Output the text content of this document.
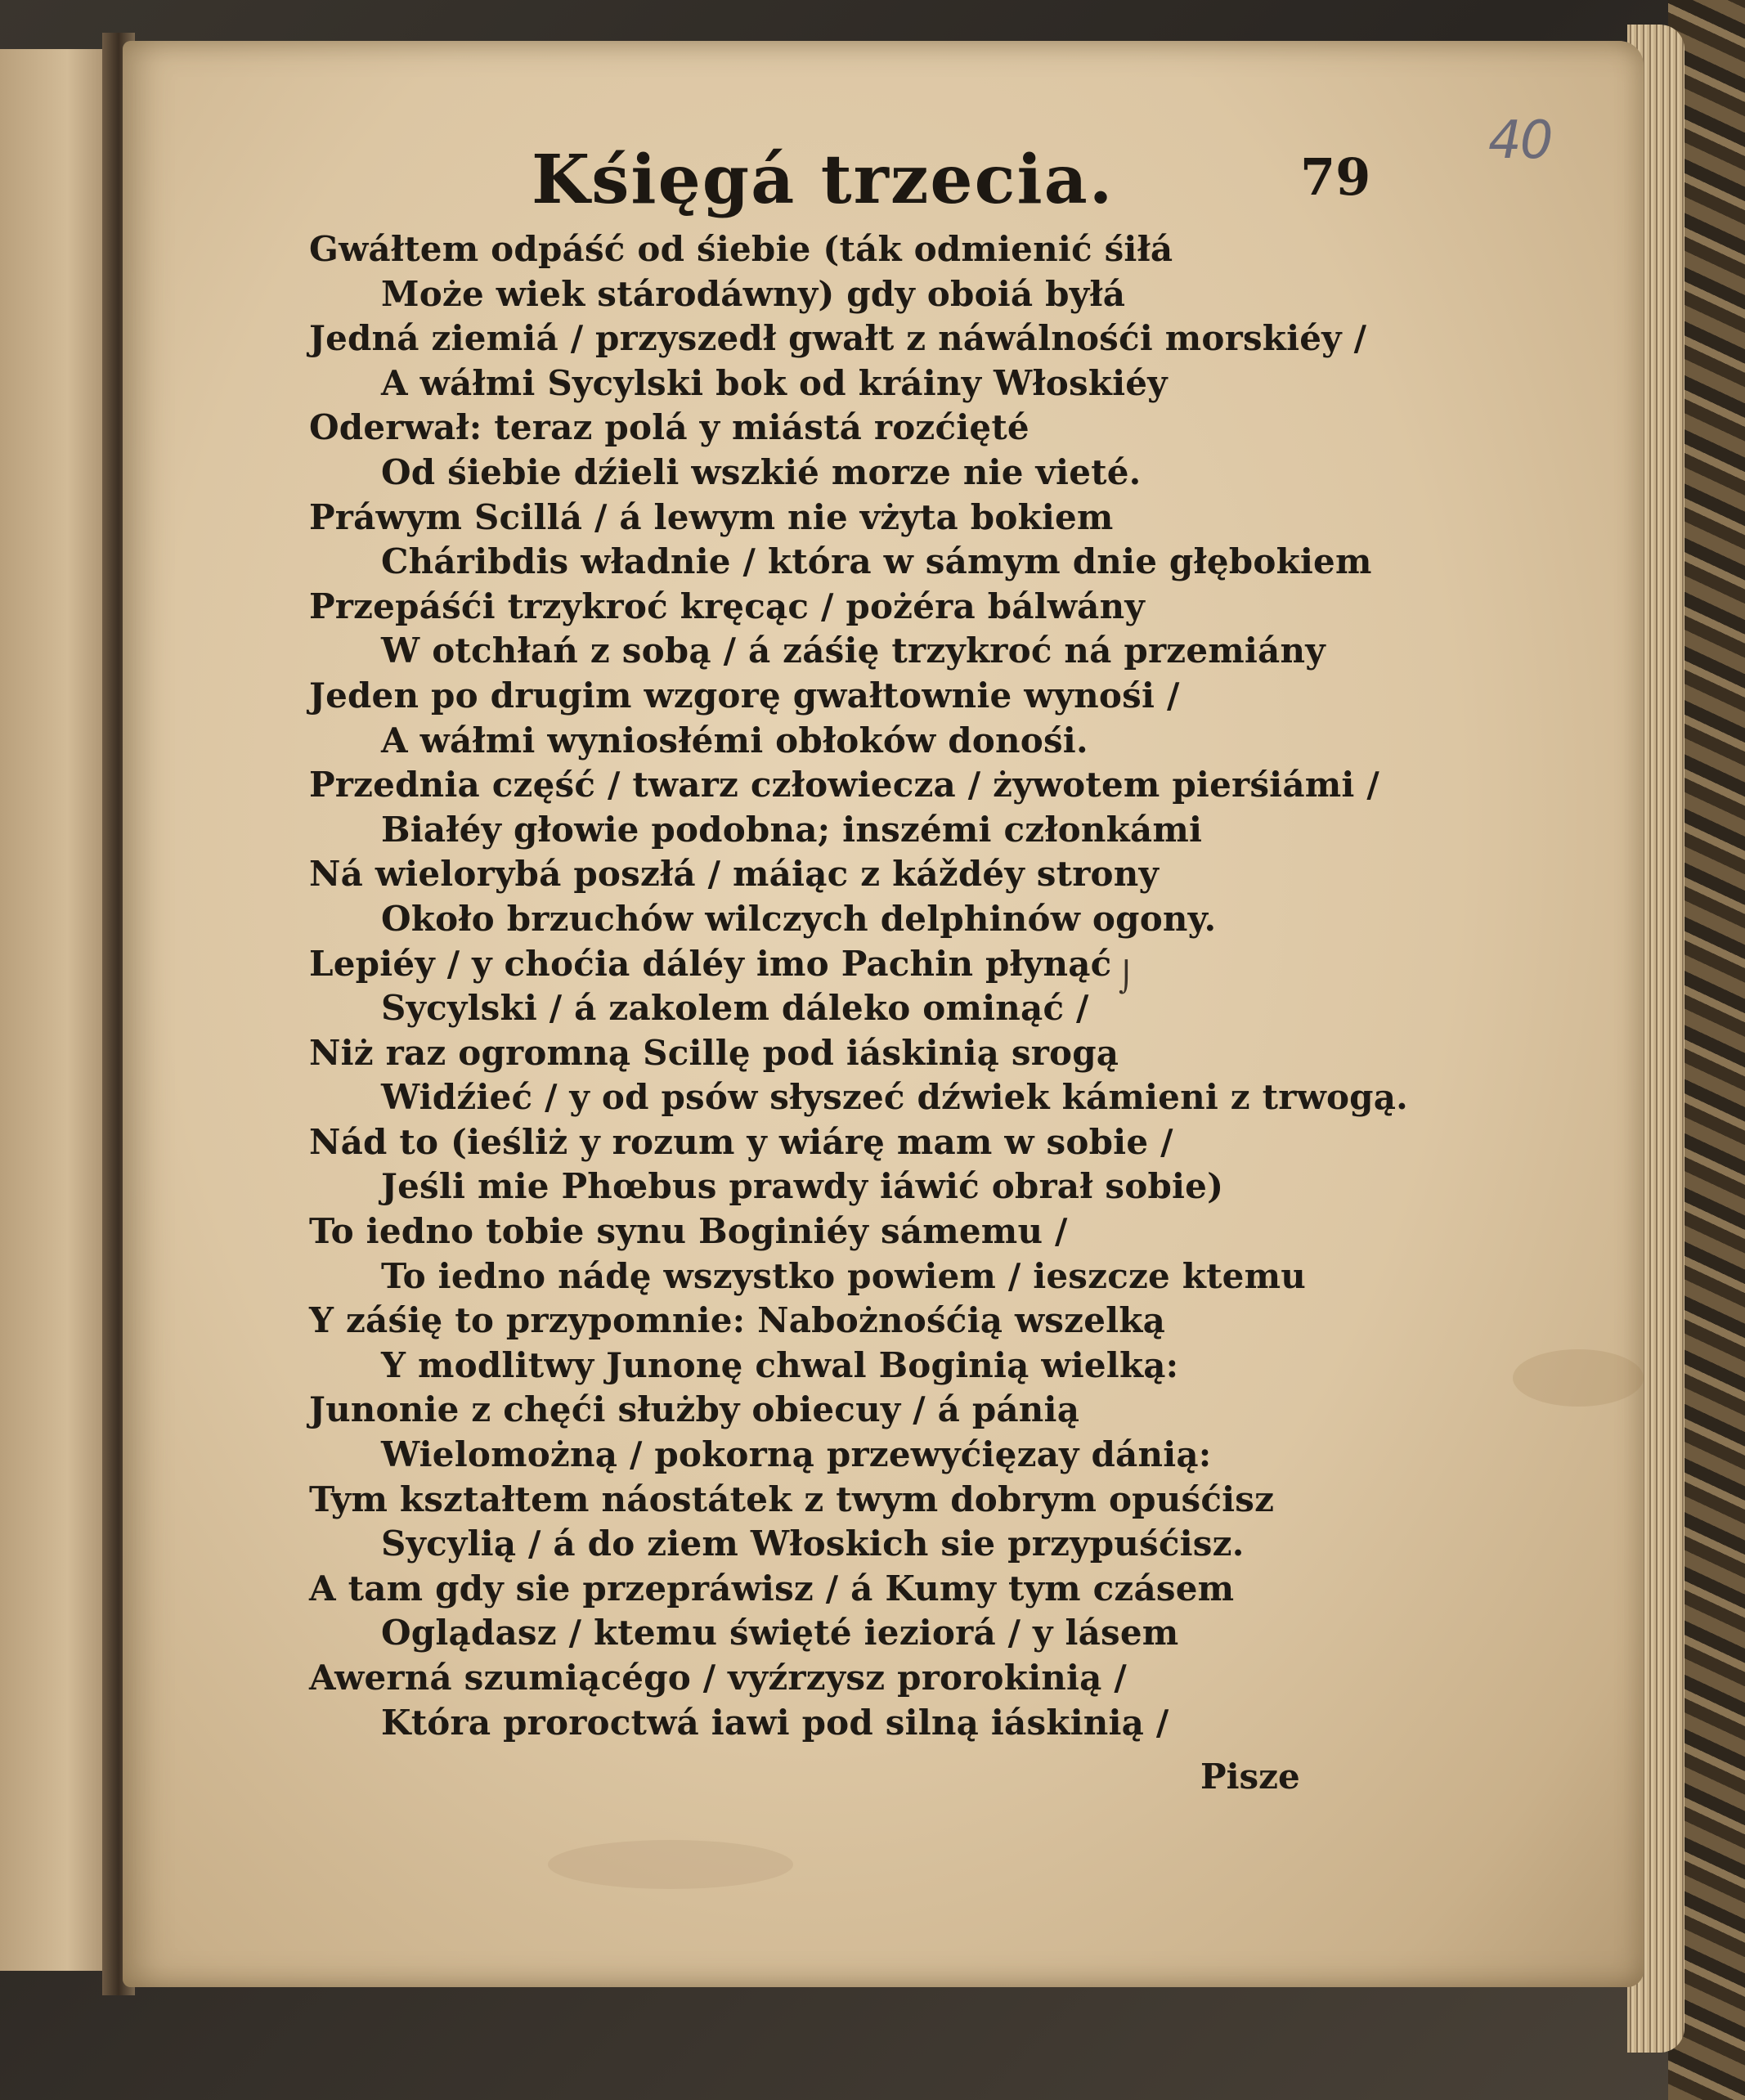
40
Kśięgá trzecia.	79
Gwáłtem odpáść od śiebie (ták odmienić śiłá
Może wiek stárodáwny) gdy oboiá byłá
Jedná ziemiá / przyszedł gwałt z náwálnośći morskiéy /
A wáłmi Sycylski bok od kráiny Włoskiéy
Oderwał: teraz polá y miástá rozćięté
Od śiebie dźieli wszkié morze nie vieté.
Práwym Scillá / á lewym nie vżyta bokiem
Cháribdis władnie / która w sámym dnie głębokiem
Przepáśći trzykroć kręcąc / pożéra bálwány
W otchłań z sobą / á záśię trzykroć ná przemiány
Jeden po drugim wzgorę gwałtownie wynośi /
A wáłmi wyniosłémi obłoków donośi.
Przednia część / twarz człowiecza / żywotem pierśiámi /
Białéy głowie podobna; inszémi członkámi
Ná wielorybá poszłá / máiąc z káždéy strony
Około brzuchów wilczych delphinów ogony.
Lepiéy / y choćia dáléy imo Pachin płynąć
Sycylski / á zakolem dáleko ominąć /
Niż raz ogromną Scillę pod iáskinią srogą
Widźieć / y od psów słyszeć dźwiek kámieni z trwogą.
Nád to (ieśliż y rozum y wiárę mam w sobie /
Jeśli mie Phœbus prawdy iáwić obrał sobie)
To iedno tobie synu Boginiéy sámemu /
To iedno nádę wszystko powiem / ieszcze ktemu
Y záśię to przypomnie: Nabożnośćią wszelką
Y modlitwy Junonę chwal Boginią wielką:
Junonie z chęći służby obiecuy / á pánią
Wielomożną / pokorną przewyćięzay dánią:
Tym kształtem náostátek z twym dobrym opuśćisz
Sycylią / á do ziem Włoskich sie przypuśćisz.
A tam gdy sie przepráwisz / á Kumy tym czásem
Oglądasz / ktemu święté ieziorá / y lásem
Awerná szumiącégo / vyźrzysz prorokinią /
Która proroctwá iawi pod silną iáskinią /
⌡
Pisze
